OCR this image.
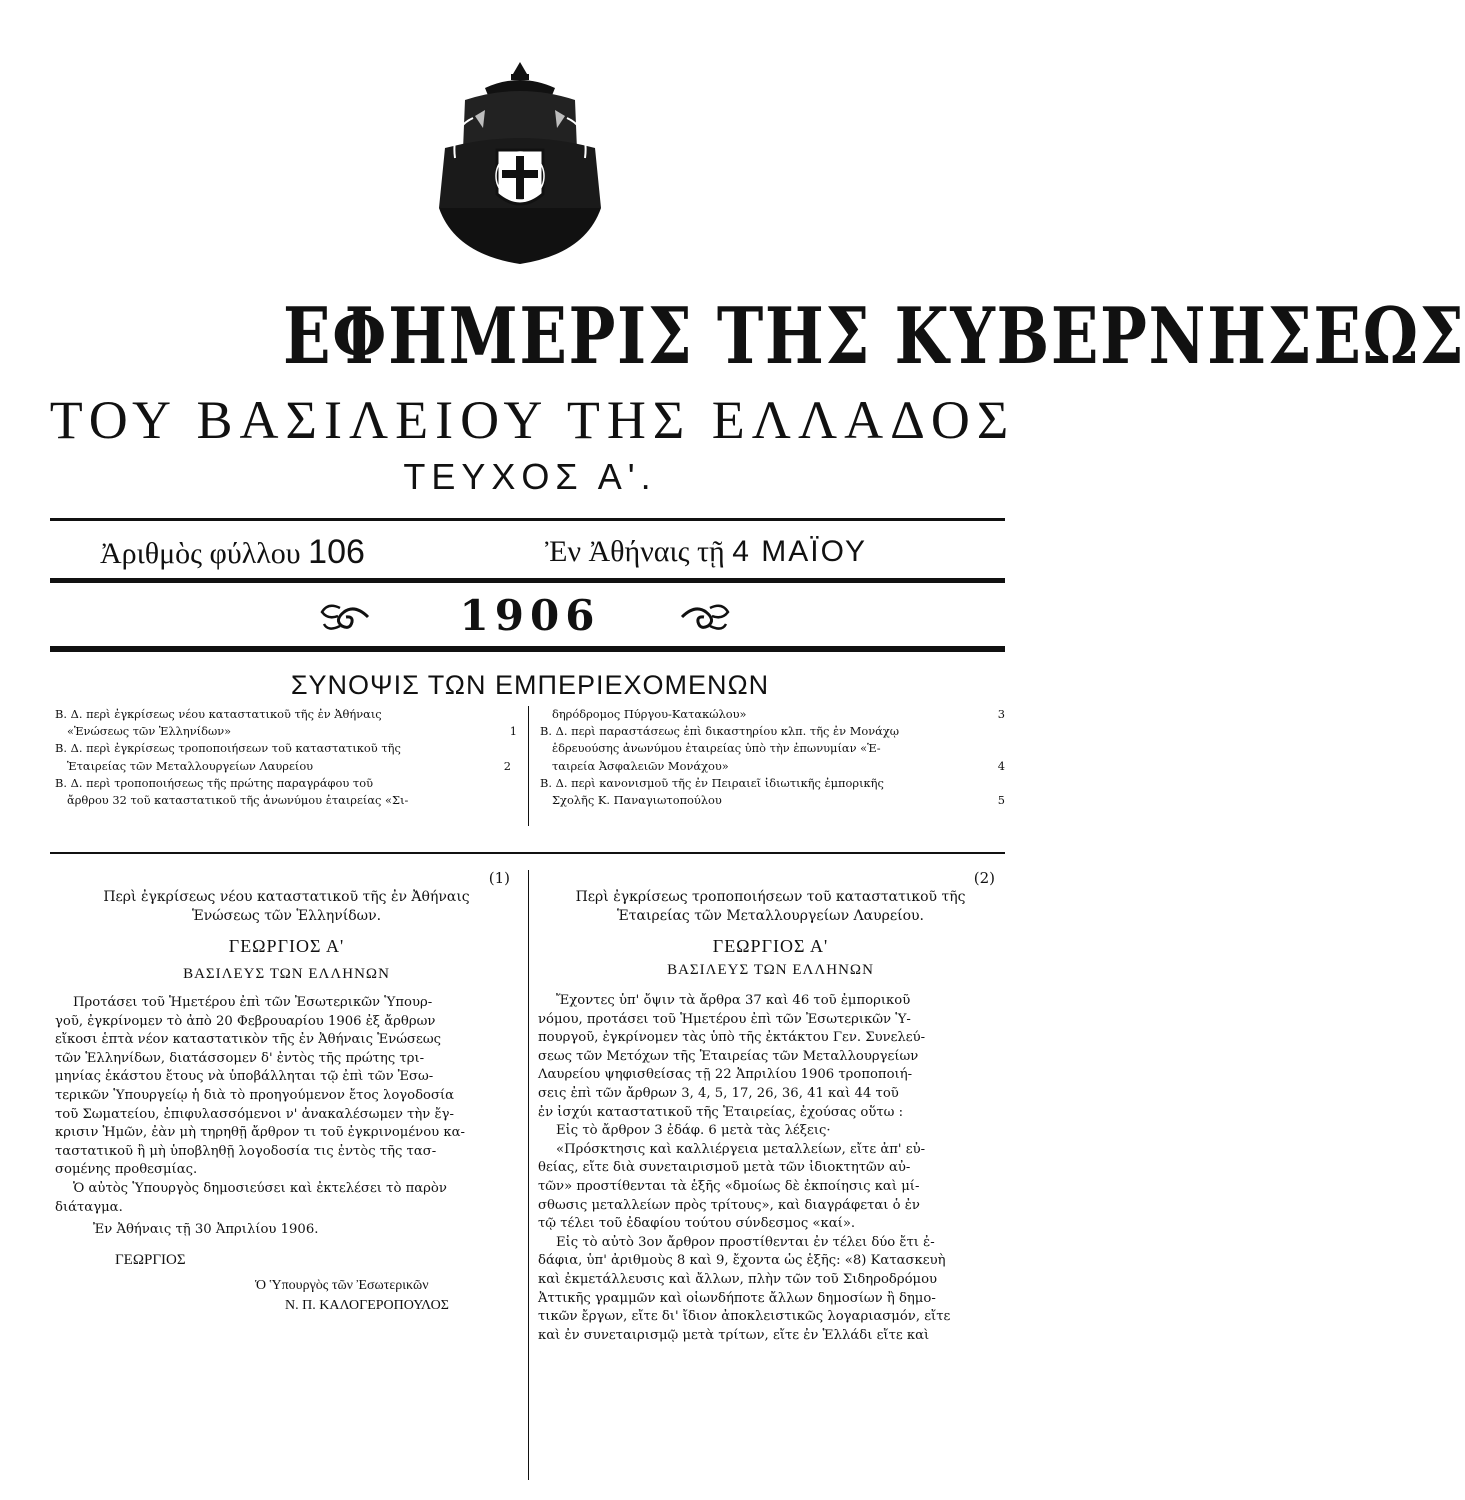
ΕΦΗΜΕΡΙΣ ΤΗΣ ΚΥΒΕΡΝΗΣΕΩΣ
ΤΟΥ ΒΑΣΙΛΕΙΟΥ ΤΗΣ ΕΛΛΑΔΟΣ
ΤΕΥΧΟΣ Α'.
Ἀριθμὸς φύλλου 106	Ἐν Ἀθήναις τῇ 4 ΜΑΪΟΥ
1906
ΣΥΝΟΨΙΣ ΤΩΝ ΕΜΠΕΡΙΕΧΟΜΕΝΩΝ
Β. Δ. περὶ ἐγκρίσεως νέου καταστατικοῦ τῆς ἐν Ἀθήναις
«Ἑνώσεως τῶν Ἑλληνίδων»	1
Β. Δ. περὶ ἐγκρίσεως τροποποιήσεων τοῦ καταστατικοῦ τῆς
Ἑταιρείας τῶν Μεταλλουργείων Λαυρείου	2
Β. Δ. περὶ τροποποιήσεως τῆς πρώτης παραγράφου τοῦ
ἄρθρου 32 τοῦ καταστατικοῦ τῆς ἀνωνύμου ἑταιρείας «Σι-
δηρόδρομος Πύργου-Κατακώλου»	3
Β. Δ. περὶ παραστάσεως ἐπὶ δικαστηρίου κλπ. τῆς ἐν Μονάχῳ
ἑδρευούσης ἀνωνύμου ἑταιρείας ὑπὸ τὴν ἐπωνυμίαν «Ἑ-
ταιρεία Ἀσφαλειῶν Μονάχου»	4
Β. Δ. περὶ κανονισμοῦ τῆς ἐν Πειραιεῖ ἰδιωτικῆς ἐμπορικῆς
Σχολῆς Κ. Παναγιωτοπούλου	5
(1)
Περὶ ἐγκρίσεως νέου καταστατικοῦ τῆς ἐν Ἀθήναις
Ἑνώσεως τῶν Ἑλληνίδων.
ΓΕΩΡΓΙΟΣ Α'
ΒΑΣΙΛΕΥΣ ΤΩΝ ΕΛΛΗΝΩΝ

Προτάσει τοῦ Ἡμετέρου ἐπὶ τῶν Ἐσωτερικῶν Ὑπουρ-

γοῦ, ἐγκρίνομεν τὸ ἀπὸ 20 Φεβρουαρίου 1906 ἐξ ἄρθρων

εἴκοσι ἑπτὰ νέον καταστατικὸν τῆς ἐν Ἀθήναις Ἑνώσεως

τῶν Ἑλληνίδων, διατάσσομεν δ' ἐντὸς τῆς πρώτης τρι-

μηνίας ἑκάστου ἔτους νὰ ὑποβάλληται τῷ ἐπὶ τῶν Ἐσω-

τερικῶν Ὑπουργείῳ ἡ διὰ τὸ προηγούμενον ἔτος λογοδοσία

τοῦ Σωματείου, ἐπιφυλασσόμενοι ν' ἀνακαλέσωμεν τὴν ἔγ-

κρισιν Ἡμῶν, ἐὰν μὴ τηρηθῇ ἄρθρον τι τοῦ ἐγκρινομένου κα-

ταστατικοῦ ἢ μὴ ὑποβληθῇ λογοδοσία τις ἐντὸς τῆς τασ-

σομένης προθεσμίας.

Ὁ αὐτὸς Ὑπουργὸς δημοσιεύσει καὶ ἐκτελέσει τὸ παρὸν

διάταγμα.

Ἐν Ἀθήναις τῇ 30 Ἀπριλίου 1906.

ΓΕΩΡΓΙΟΣ
Ὁ Ὑπουργὸς τῶν Ἐσωτερικῶν
Ν. Π. ΚΑΛΟΓΕΡΟΠΟΥΛΟΣ
(2)
Περὶ ἐγκρίσεως τροποποιήσεων τοῦ καταστατικοῦ τῆς
Ἑταιρείας τῶν Μεταλλουργείων Λαυρείου.
ΓΕΩΡΓΙΟΣ Α'
ΒΑΣΙΛΕΥΣ ΤΩΝ ΕΛΛΗΝΩΝ

Ἔχοντες ὑπ' ὄψιν τὰ ἄρθρα 37 καὶ 46 τοῦ ἐμπορικοῦ

νόμου, προτάσει τοῦ Ἡμετέρου ἐπὶ τῶν Ἐσωτερικῶν Ὑ-

πουργοῦ, ἐγκρίνομεν τὰς ὑπὸ τῆς ἐκτάκτου Γεν. Συνελεύ-

σεως τῶν Μετόχων τῆς Ἑταιρείας τῶν Μεταλλουργείων

Λαυρείου ψηφισθείσας τῇ 22 Ἀπριλίου 1906 τροποποιή-

σεις ἐπὶ τῶν ἄρθρων 3, 4, 5, 17, 26, 36, 41 καὶ 44 τοῦ

ἐν ἰσχύι καταστατικοῦ τῆς Ἑταιρείας, ἐχούσας οὕτω :

Εἰς τὸ ἄρθρον 3 ἐδάφ. 6 μετὰ τὰς λέξεις·

«Πρόσκτησις καὶ καλλιέργεια μεταλλείων, εἴτε ἀπ' εὐ-

θείας, εἴτε διὰ συνεταιρισμοῦ μετὰ τῶν ἰδιοκτητῶν αὐ-

τῶν» προστίθενται τὰ ἑξῆς «δμοίως δὲ ἐκποίησις καὶ μί-

σθωσις μεταλλείων πρὸς τρίτους», καὶ διαγράφεται ὁ ἐν

τῷ τέλει τοῦ ἐδαφίου τούτου σύνδεσμος «καί».

Εἰς τὸ αὐτὸ 3ον ἄρθρον προστίθενται ἐν τέλει δύο ἔτι ἐ-

δάφια, ὑπ' ἀριθμοὺς 8 καὶ 9, ἔχοντα ὡς ἑξῆς: «8) Κατασκευὴ

καὶ ἐκμετάλλευσις καὶ ἄλλων, πλὴν τῶν τοῦ Σιδηροδρόμου

Ἀττικῆς γραμμῶν καὶ οἱωνδήποτε ἄλλων δημοσίων ἢ δημο-

τικῶν ἔργων, εἴτε δι' ἴδιον ἀποκλειστικῶς λογαριασμόν, εἴτε

καὶ ἐν συνεταιρισμῷ μετὰ τρίτων, εἴτε ἐν Ἑλλάδι εἴτε καὶ
